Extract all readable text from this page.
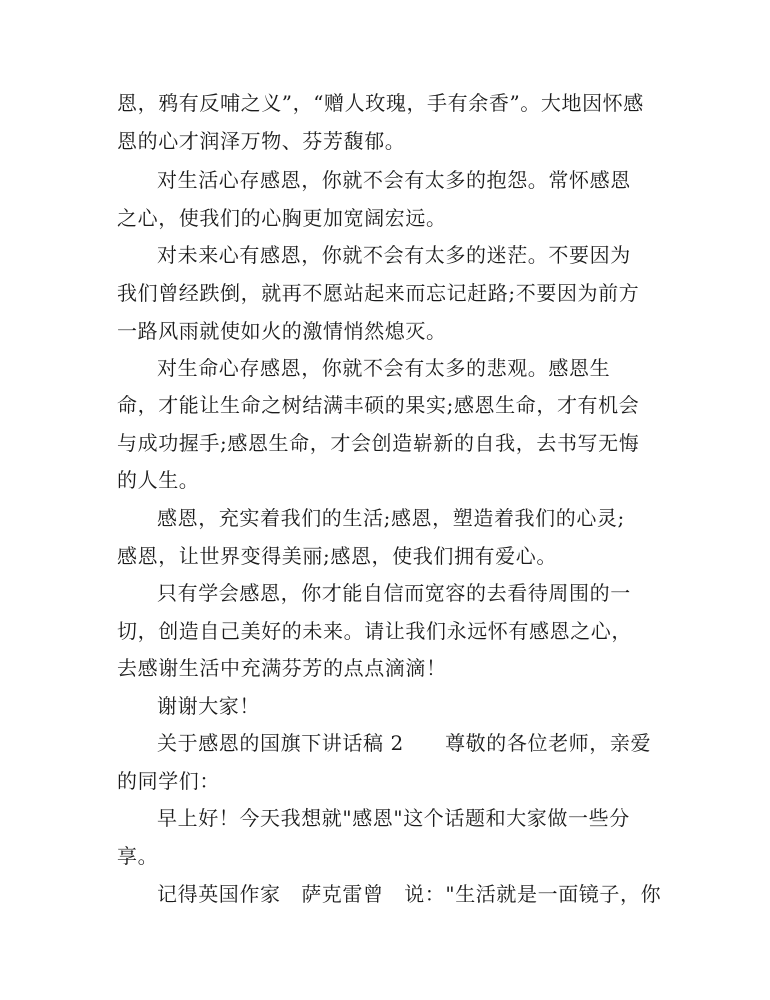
恩，鸦有反哺之义”，“赠人玫瑰，手有余香”。大地因怀感
恩的心才润泽万物、芬芳馥郁。
对生活心存感恩，你就不会有太多的抱怨。常怀感恩
之心，使我们的心胸更加宽阔宏远。
对未来心有感恩，你就不会有太多的迷茫。不要因为
我们曾经跌倒，就再不愿站起来而忘记赶路;不要因为前方
一路风雨就使如火的激情悄然熄灭。
对生命心存感恩，你就不会有太多的悲观。感恩生
命，才能让生命之树结满丰硕的果实;感恩生命，才有机会
与成功握手;感恩生命，才会创造崭新的自我，去书写无悔
的人生。
感恩，充实着我们的生活;感恩，塑造着我们的心灵;
感恩，让世界变得美丽;感恩，使我们拥有爱心。
只有学会感恩，你才能自信而宽容的去看待周围的一
切，创造自己美好的未来。请让我们永远怀有感恩之心，
去感谢生活中充满芬芳的点点滴滴！
谢谢大家！
关于感恩的国旗下讲话稿 2　　尊敬的各位老师，亲爱
的同学们：
早上好！今天我想就"感恩"这个话题和大家做一些分
享。
记得英国作家　萨克雷曾　说："生活就是一面镜子，你
